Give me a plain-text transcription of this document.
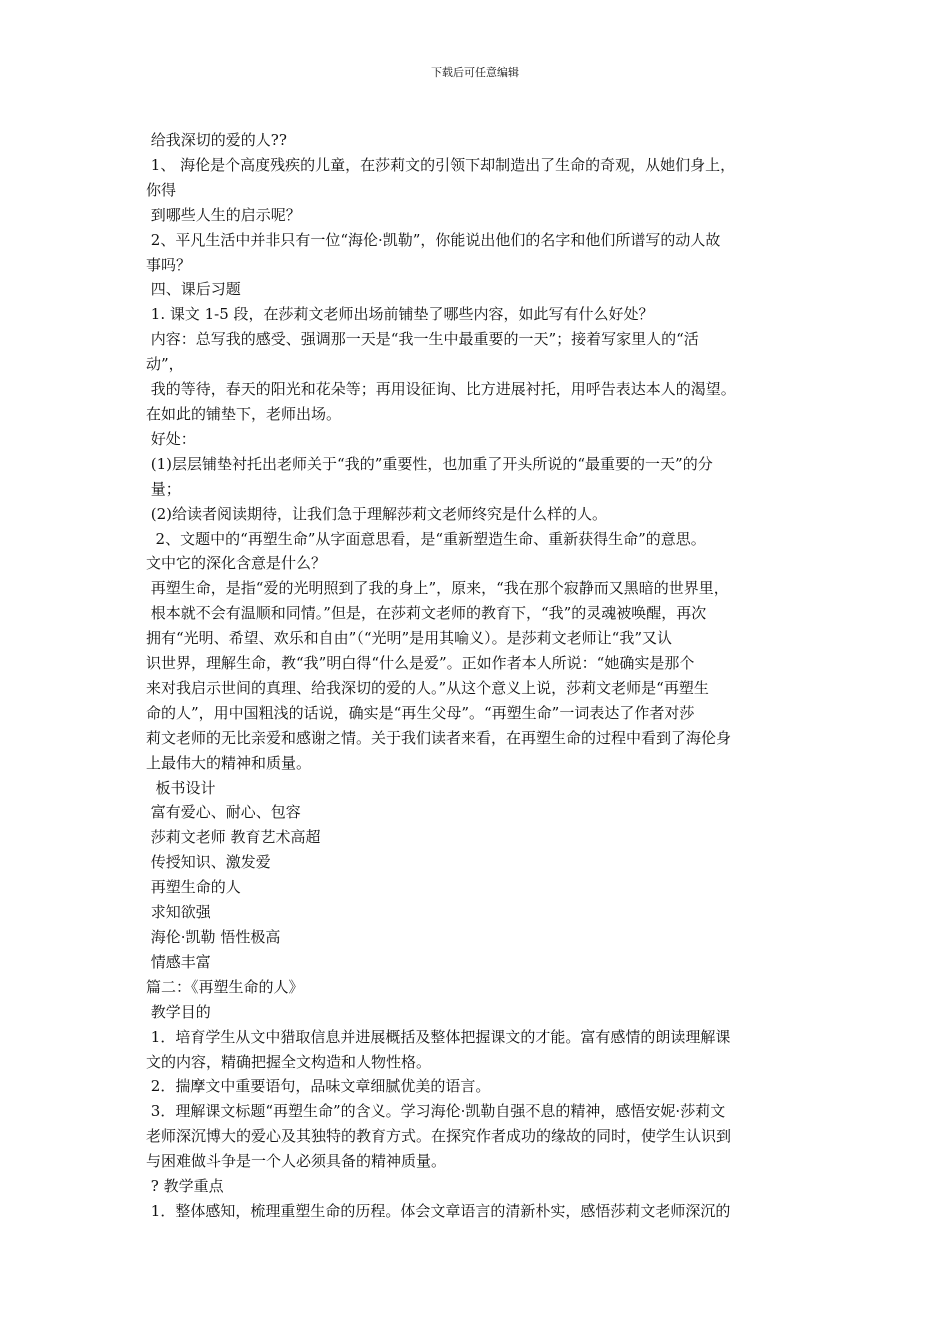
下载后可任意编辑

给我深切的爱的人??

1、 海伦是个高度残疾的儿童，在莎莉文的引领下却制造出了生命的奇观，从她们身上，

你得

到哪些人生的启示呢？

2、平凡生活中并非只有一位“海伦·凯勒”，你能说出他们的名字和他们所谱写的动人故

事吗？

四、课后习题

1. 课文 1-5 段，在莎莉文老师出场前铺垫了哪些内容，如此写有什么好处？

内容：总写我的感受、强调那一天是“我一生中最重要的一天”；接着写家里人的“活

动”，

我的等待，春天的阳光和花朵等；再用设征询、比方进展衬托，用呼告表达本人的渴望。

在如此的铺垫下，老师出场。

好处：

(1)层层铺垫衬托出老师关于“我的”重要性，也加重了开头所说的“最重要的一天”的分

量；

(2)给读者阅读期待，让我们急于理解莎莉文老师终究是什么样的人。

2、文题中的“再塑生命”从字面意思看，是“重新塑造生命、重新获得生命”的意思。

文中它的深化含意是什么？

再塑生命，是指“爱的光明照到了我的身上”，原来，“我在那个寂静而又黑暗的世界里，

根本就不会有温顺和同情。”但是，在莎莉文老师的教育下，“我”的灵魂被唤醒，再次

拥有“光明、希望、欢乐和自由”（“光明”是用其喻义）。是莎莉文老师让“我”又认

识世界，理解生命，教“我”明白得“什么是爱”。正如作者本人所说：“她确实是那个

来对我启示世间的真理、给我深切的爱的人。”从这个意义上说，莎莉文老师是“再塑生

命的人”，用中国粗浅的话说，确实是“再生父母”。“再塑生命”一词表达了作者对莎

莉文老师的无比亲爱和感谢之情。关于我们读者来看，在再塑生命的过程中看到了海伦身

上最伟大的精神和质量。

板书设计

富有爱心、耐心、包容

莎莉文老师 教育艺术高超

传授知识、激发爱

再塑生命的人

求知欲强

海伦·凯勒 悟性极高

情感丰富

篇二：《再塑生命的人》

教学目的

1．培育学生从文中猎取信息并进展概括及整体把握课文的才能。富有感情的朗读理解课

文的内容，精确把握全文构造和人物性格。

2．揣摩文中重要语句，品味文章细腻优美的语言。

3．理解课文标题“再塑生命”的含义。学习海伦·凯勒自强不息的精神，感悟安妮·莎莉文

老师深沉博大的爱心及其独特的教育方式。在探究作者成功的缘故的同时，使学生认识到

与困难做斗争是一个人必须具备的精神质量。

? 教学重点

1．整体感知，梳理重塑生命的历程。体会文章语言的清新朴实，感悟莎莉文老师深沉的
